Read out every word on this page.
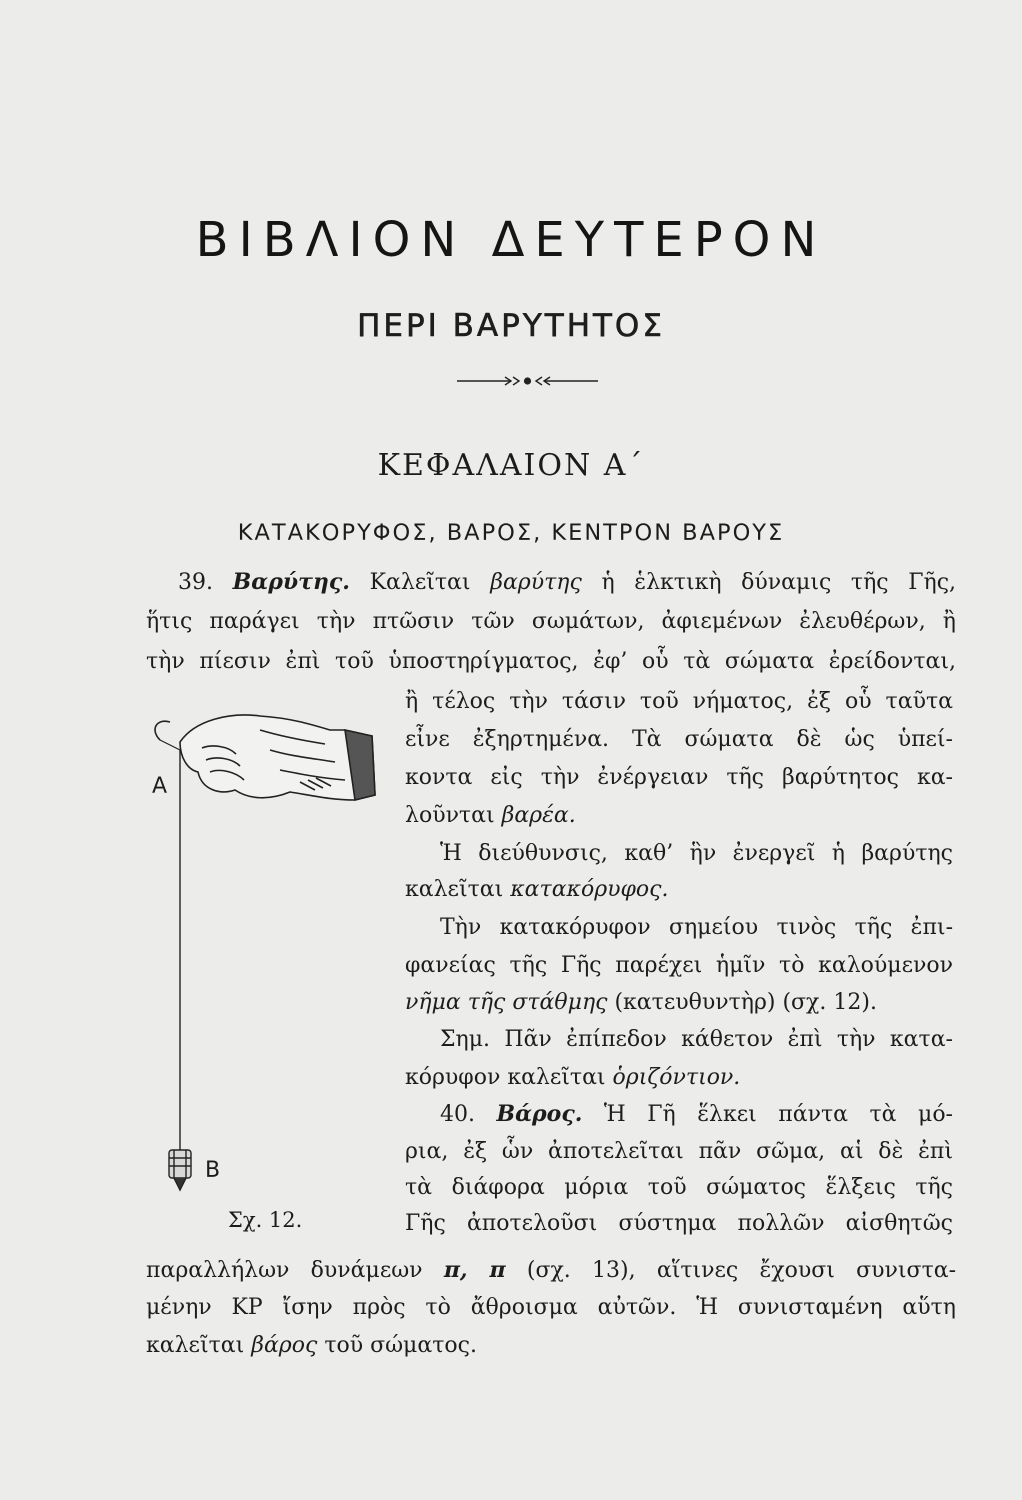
ΒΙΒΛΙΟΝ ΔΕΥΤΕΡΟΝ
ΠΕΡΙ ΒΑΡΥΤΗΤΟΣ
ΚΕΦΑΛΑΙΟΝ Α΄
ΚΑΤΑΚΟΡΥΦΟΣ, ΒΑΡΟΣ, ΚΕΝΤΡΟΝ ΒΑΡΟΥΣ
39. Βαρύτης. Καλεῖται βαρύτης ἡ ἑλκτικὴ δύναμις τῆς Γῆς,
ἥτις παράγει τὴν πτῶσιν τῶν σωμάτων, ἀφιεμένων ἐλευθέρων, ἢ
τὴν πίεσιν ἐπὶ τοῦ ὑποστηρίγματος, ἐφ’ οὗ τὰ σώματα ἐρείδονται,
ἢ τέλος τὴν τάσιν τοῦ νήματος, ἐξ οὗ ταῦτα
εἶνε ἐξηρτημένα. Τὰ σώματα δὲ ὡς ὑπεί-
κοντα εἰς τὴν ἐνέργειαν τῆς βαρύτητος κα-
λοῦνται βαρέα.
Ἡ διεύθυνσις, καθ’ ἣν ἐνεργεῖ ἡ βαρύτης
καλεῖται κατακόρυφος.
Τὴν κατακόρυφον σημείου τινὸς τῆς ἐπι-
φανείας τῆς Γῆς παρέχει ἡμῖν τὸ καλούμενον
νῆμα τῆς στάθμης (κατευθυντὴρ) (σχ. 12).
Σημ. Πᾶν ἐπίπεδον κάθετον ἐπὶ τὴν κατα-
κόρυφον καλεῖται ὁριζόντιον.
40. Βάρος. Ἡ Γῆ ἕλκει πάντα τὰ μό-
ρια, ἐξ ὧν ἀποτελεῖται πᾶν σῶμα, αἱ δὲ ἐπὶ
τὰ διάφορα μόρια τοῦ σώματος ἕλξεις τῆς
Γῆς ἀποτελοῦσι σύστημα πολλῶν αἰσθητῶς
παραλλήλων δυνάμεων π, π (σχ. 13), αἵτινες ἔχουσι συνιστα-
μένην ΚΡ ἴσην πρὸς τὸ ἄθροισμα αὐτῶν. Ἡ συνισταμένη αὕτη
καλεῖται βάρος τοῦ σώματος.
Α
Β
Σχ. 12.
